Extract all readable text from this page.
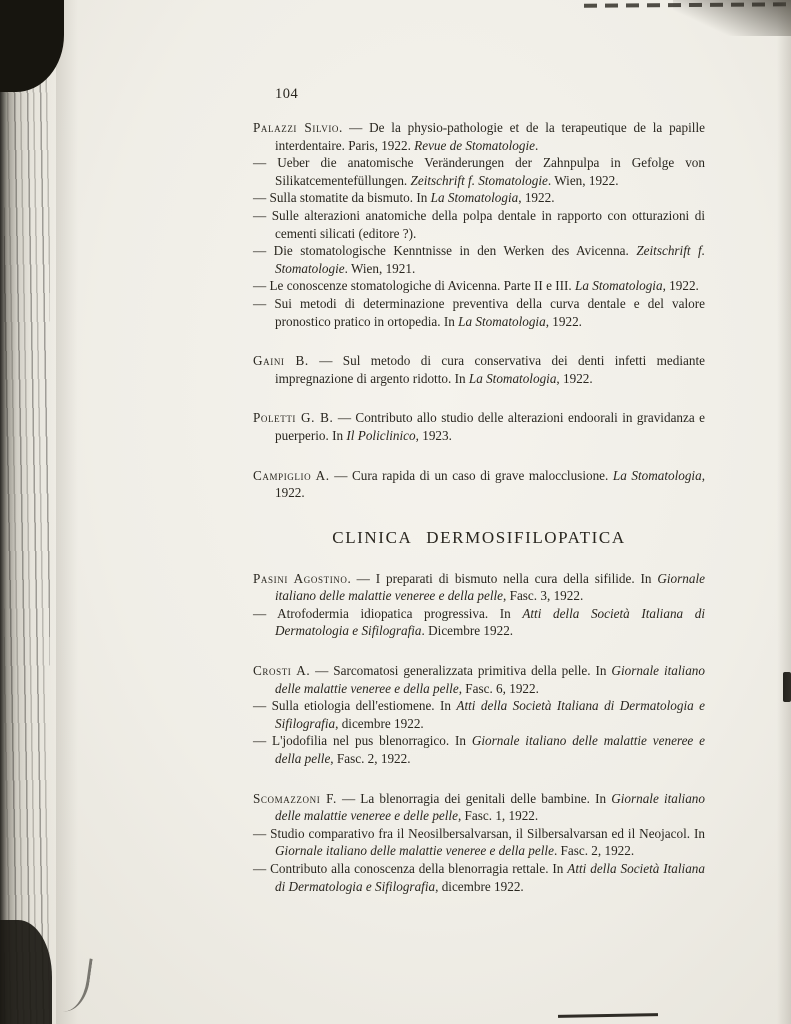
104

Palazzi Silvio. — De la physio-pathologie et de la terapeutique de la papille interdentaire. Paris, 1922. Revue de Stomatologie.

— Ueber die anatomische Veränderungen der Zahnpulpa in Gefolge von Silikatcementefüllungen. Zeitschrift f. Stomatologie. Wien, 1922.

— Sulla stomatite da bismuto. In La Stomatologia, 1922.

— Sulle alterazioni anatomiche della polpa dentale in rapporto con otturazioni di cementi silicati (editore ?).

— Die stomatologische Kenntnisse in den Werken des Avicenna. Zeitschrift f. Stomatologie. Wien, 1921.

— Le conoscenze stomatologiche di Avicenna. Parte II e III. La Stomatologia, 1922.

— Sui metodi di determinazione preventiva della curva dentale e del valore pronostico pratico in ortopedia. In La Stomatologia, 1922.

Gaini B. — Sul metodo di cura conservativa dei denti infetti mediante impregnazione di argento ridotto. In La Stomatologia, 1922.

Poletti G. B. — Contributo allo studio delle alterazioni endoorali in gravidanza e puerperio. In Il Policlinico, 1923.

Campiglio A. — Cura rapida di un caso di grave malocclusione. La Stomatologia, 1922.

CLINICA DERMOSIFILOPATICA

Pasini Agostino. — I preparati di bismuto nella cura della sifilide. In Giornale italiano delle malattie veneree e della pelle, Fasc. 3, 1922.

— Atrofodermia idiopatica progressiva. In Atti della Società Italiana di Dermatologia e Sifilografia. Dicembre 1922.

Crosti A. — Sarcomatosi generalizzata primitiva della pelle. In Giornale italiano delle malattie veneree e della pelle, Fasc. 6, 1922.

— Sulla etiologia dell'estiomene. In Atti della Società Italiana di Dermatologia e Sifilografia, dicembre 1922.

— L'jodofilia nel pus blenorragico. In Giornale italiano delle malattie veneree e della pelle, Fasc. 2, 1922.

Scomazzoni F. — La blenorragia dei genitali delle bambine. In Giornale italiano delle malattie veneree e delle pelle, Fasc. 1, 1922.

— Studio comparativo fra il Neosilbersalvarsan, il Silbersalvarsan ed il Neojacol. In Giornale italiano delle malattie veneree e della pelle. Fasc. 2, 1922.

— Contributo alla conoscenza della blenorragia rettale. In Atti della Società Italiana di Dermatologia e Sifilografia, dicembre 1922.
